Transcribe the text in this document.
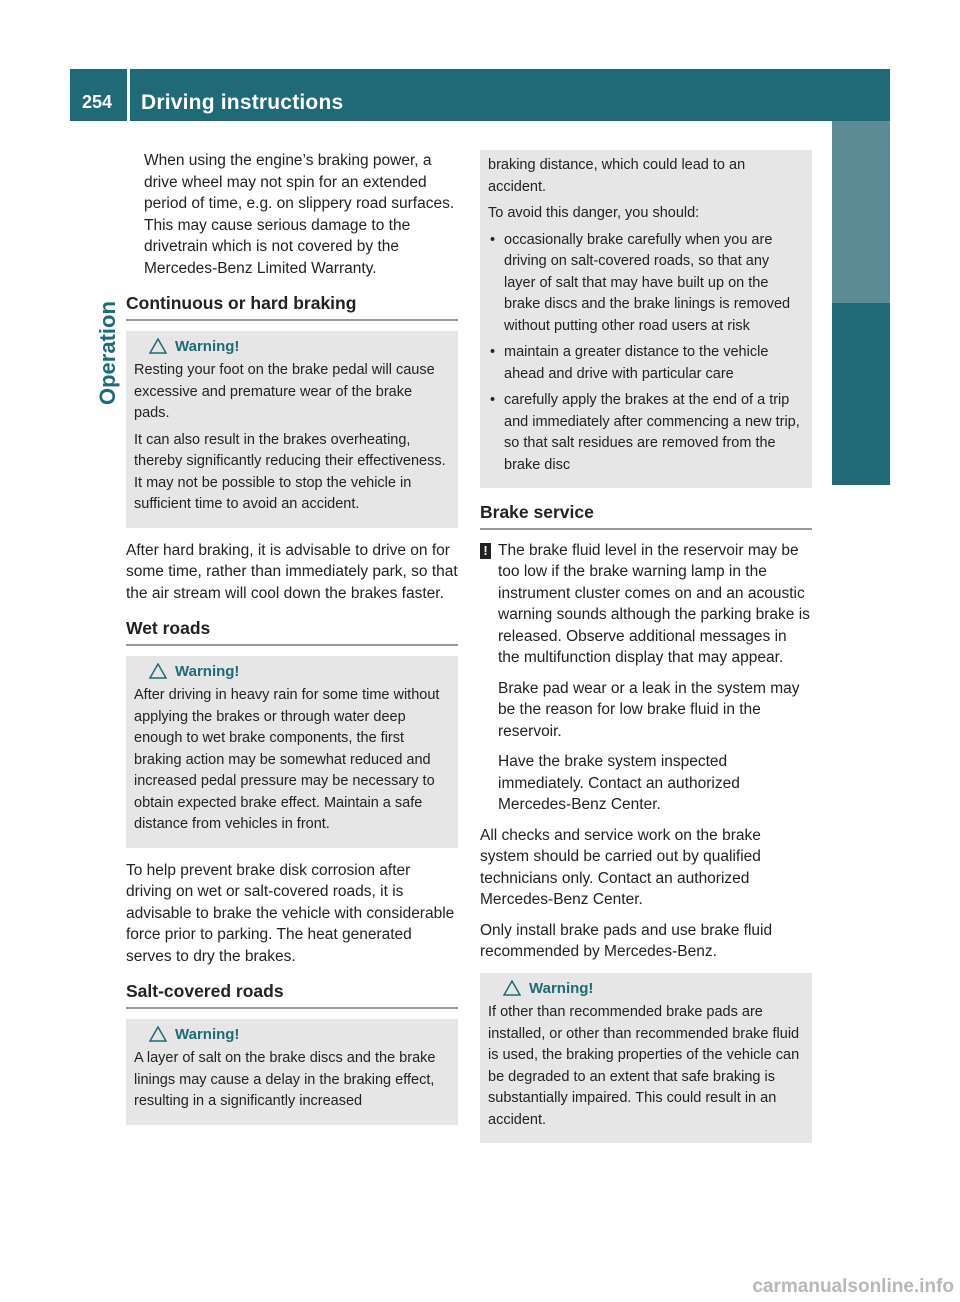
254 Driving instructions
Operation

When using the engine’s braking power, a drive wheel may not spin for an extended period of time, e.g. on slippery road surfaces. This may cause serious damage to the drivetrain which is not covered by the Mercedes-Benz Limited Warranty.

Continuous or hard braking
Warning!

Resting your foot on the brake pedal will cause excessive and premature wear of the brake pads.

It can also result in the brakes overheating, thereby significantly reducing their effectiveness. It may not be possible to stop the vehicle in sufficient time to avoid an accident.

After hard braking, it is advisable to drive on for some time, rather than immediately park, so that the air stream will cool down the brakes faster.

Wet roads
Warning!

After driving in heavy rain for some time without applying the brakes or through water deep enough to wet brake components, the first braking action may be somewhat reduced and increased pedal pressure may be necessary to obtain expected brake effect. Maintain a safe distance from vehicles in front.

To help prevent brake disk corrosion after driving on wet or salt-covered roads, it is advisable to brake the vehicle with considerable force prior to parking. The heat generated serves to dry the brakes.

Salt-covered roads
Warning!

A layer of salt on the brake discs and the brake linings may cause a delay in the braking effect, resulting in a significantly increased

braking distance, which could lead to an accident.

To avoid this danger, you should:

• occasionally brake carefully when you are driving on salt-covered roads, so that any layer of salt that may have built up on the brake discs and the brake linings is removed without putting other road users at risk
• maintain a greater distance to the vehicle ahead and drive with particular care
• carefully apply the brakes at the end of a trip and immediately after commencing a new trip, so that salt residues are removed from the brake disc
Brake service
! The brake fluid level in the reservoir may be too low if the brake warning lamp in the instrument cluster comes on and an acoustic warning sounds although the parking brake is released. Observe additional messages in the multifunction display that may appear.

Brake pad wear or a leak in the system may be the reason for low brake fluid in the reservoir.

Have the brake system inspected immediately. Contact an authorized Mercedes-Benz Center.

All checks and service work on the brake system should be carried out by qualified technicians only. Contact an authorized Mercedes-Benz Center.

Only install brake pads and use brake fluid recommended by Mercedes-Benz.

Warning!

If other than recommended brake pads are installed, or other than recommended brake fluid is used, the braking properties of the vehicle can be degraded to an extent that safe braking is substantially impaired. This could result in an accident.

carmanualsonline.info
